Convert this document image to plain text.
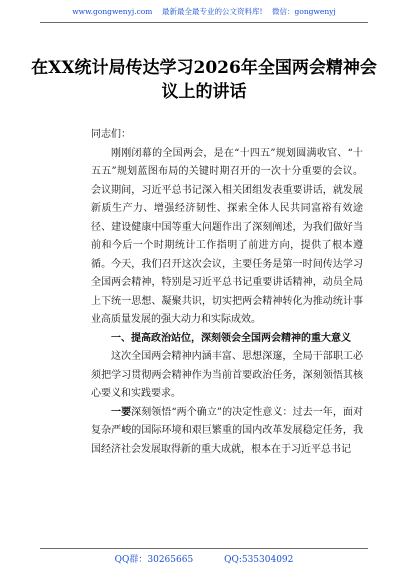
www.gongwenyj.com 最新最全最专业的公文资料库! 微信：gongwenyj
在XX统计局传达学习2026年全国两会精神会议上的讲话

同志们：

刚刚闭幕的全国两会，是在“十四五”规划圆满收官、“十五五”规划蓝图布局的关键时期召开的一次十分重要的会议。会议期间，习近平总书记深入相关团组发表重要讲话，就发展新质生产力、增强经济韧性、探索全体人民共同富裕有效途径、建设健康中国等重大问题作出了深刻阐述，为我们做好当前和今后一个时期统计工作指明了前进方向，提供了根本遵循。今天，我们召开这次会议，主要任务是第一时间传达学习全国两会精神，特别是习近平总书记重要讲话精神，动员全局上下统一思想、凝聚共识，切实把两会精神转化为推动统计事业高质量发展的强大动力和实际成效。

一、提高政治站位，深刻领会全国两会精神的重大意义

这次全国两会精神内涵丰富、思想深邃，全局干部职工必须把学习贯彻两会精神作为当前首要政治任务，深刻领悟其核心要义和实践要求。

一要深刻领悟“两个确立”的决定性意义：过去一年，面对复杂严峻的国际环境和艰巨繁重的国内改革发展稳定任务，我国经济社会发展取得新的重大成就，根本在于习近平总书记

QQ群：30265665	QQ:535304092
